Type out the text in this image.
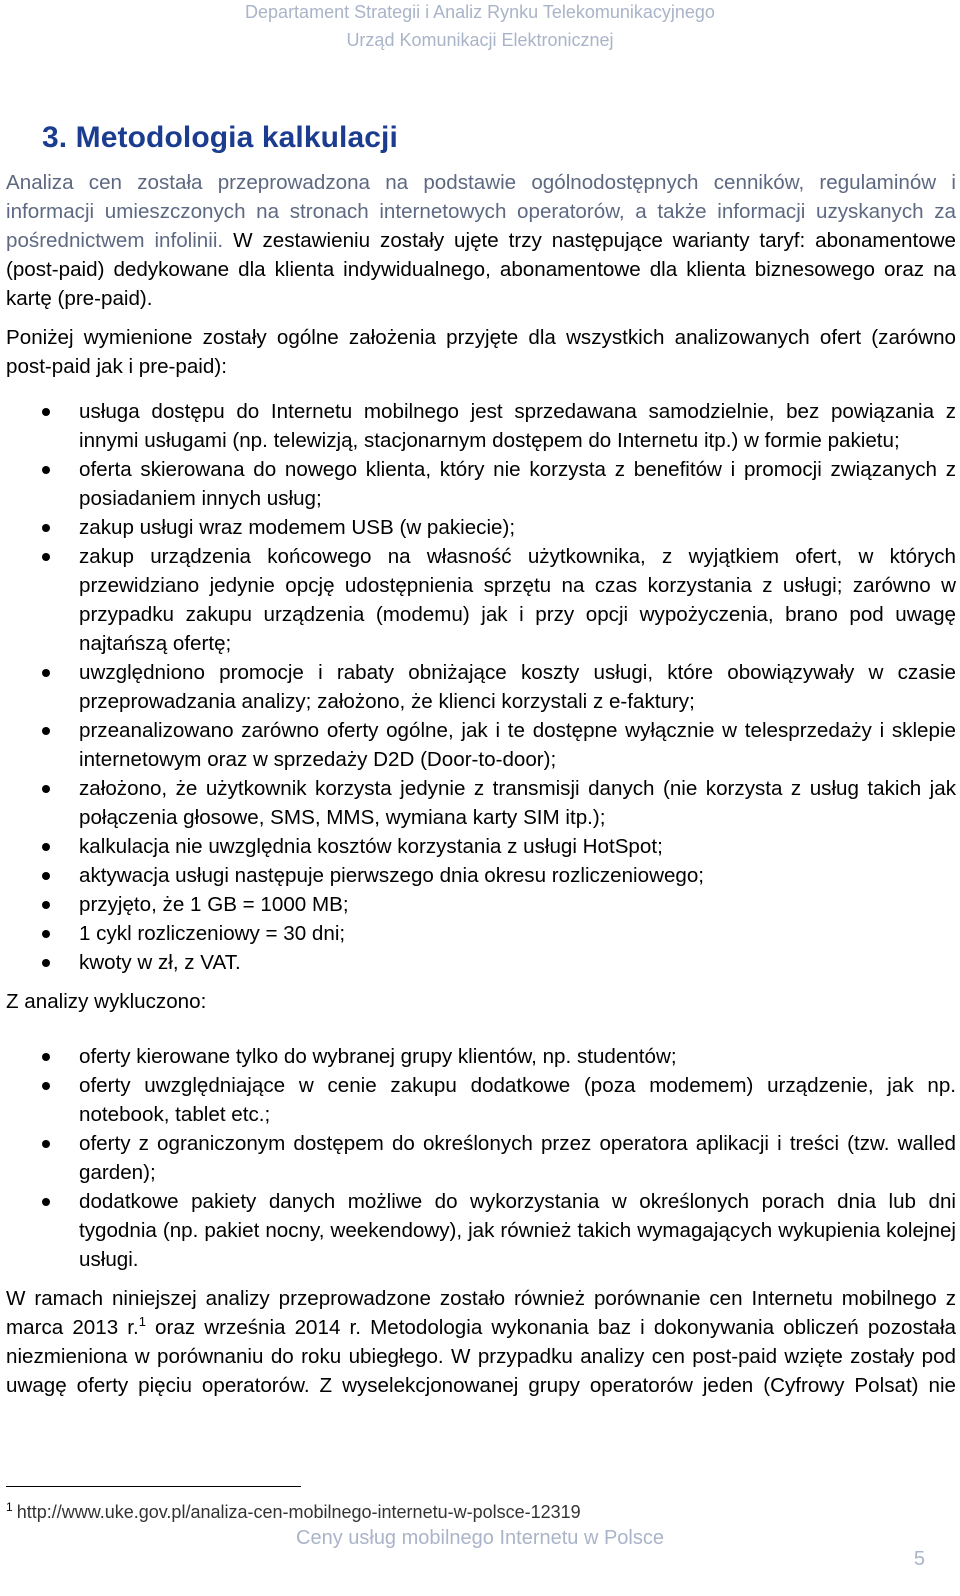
Departament Strategii i Analiz Rynku Telekomunikacyjnego
Urząd Komunikacji Elektronicznej
3. Metodologia kalkulacji

Analiza cen została przeprowadzona na podstawie ogólnodostępnych cenników, regulaminów i informacji umieszczonych na stronach internetowych operatorów, a także informacji uzyskanych za pośrednictwem infolinii. W zestawieniu zostały ujęte trzy następujące warianty taryf: abonamentowe (post-paid) dedykowane dla klienta indywidualnego, abonamentowe dla klienta biznesowego oraz na kartę (pre-paid).

Poniżej wymienione zostały ogólne założenia przyjęte dla wszystkich analizowanych ofert (zarówno post-paid jak i pre-paid):

usługa dostępu do Internetu mobilnego jest sprzedawana samodzielnie, bez powiązania z innymi usługami (np. telewizją, stacjonarnym dostępem do Internetu itp.) w formie pakietu;
oferta skierowana do nowego klienta, który nie korzysta z benefitów i promocji związanych z posiadaniem innych usług;
zakup usługi wraz modemem USB (w pakiecie);
zakup urządzenia końcowego na własność użytkownika, z wyjątkiem ofert, w których przewidziano jedynie opcję udostępnienia sprzętu na czas korzystania z usługi; zarówno w przypadku zakupu urządzenia (modemu) jak i przy opcji wypożyczenia, brano pod uwagę najtańszą ofertę;
uwzględniono promocje i rabaty obniżające koszty usługi, które obowiązywały w czasie przeprowadzania analizy; założono, że klienci korzystali z e-faktury;
przeanalizowano zarówno oferty ogólne, jak i te dostępne wyłącznie w telesprzedaży i sklepie internetowym oraz w sprzedaży D2D (Door-to-door);
założono, że użytkownik korzysta jedynie z transmisji danych (nie korzysta z usług takich jak połączenia głosowe, SMS, MMS, wymiana karty SIM itp.);
kalkulacja nie uwzględnia kosztów korzystania z usługi HotSpot;
aktywacja usługi następuje pierwszego dnia okresu rozliczeniowego;
przyjęto, że 1 GB = 1000 MB;
1 cykl rozliczeniowy = 30 dni;
kwoty w zł, z VAT.

Z analizy wykluczono:

oferty kierowane tylko do wybranej grupy klientów, np. studentów;
oferty uwzględniające w cenie zakupu dodatkowe (poza modemem) urządzenie, jak np. notebook, tablet etc.;
oferty z ograniczonym dostępem do określonych przez operatora aplikacji i treści (tzw. walled garden);
dodatkowe pakiety danych możliwe do wykorzystania w określonych porach dnia lub dni tygodnia (np. pakiet nocny, weekendowy), jak również takich wymagających wykupienia kolejnej usługi.

W ramach niniejszej analizy przeprowadzone zostało również porównanie cen Internetu mobilnego z marca 2013 r.$^1$ oraz września 2014 r. Metodologia wykonania baz i dokonywania obliczeń pozostała niezmieniona w porównaniu do roku ubiegłego. W przypadku analizy cen post-paid wzięte zostały pod uwagę oferty pięciu operatorów. Z wyselekcjonowanej grupy operatorów jeden (Cyfrowy Polsat) nie

$^1$ http://www.uke.gov.pl/analiza-cen-mobilnego-internetu-w-polsce-12319
Ceny usług mobilnego Internetu w Polsce
5
